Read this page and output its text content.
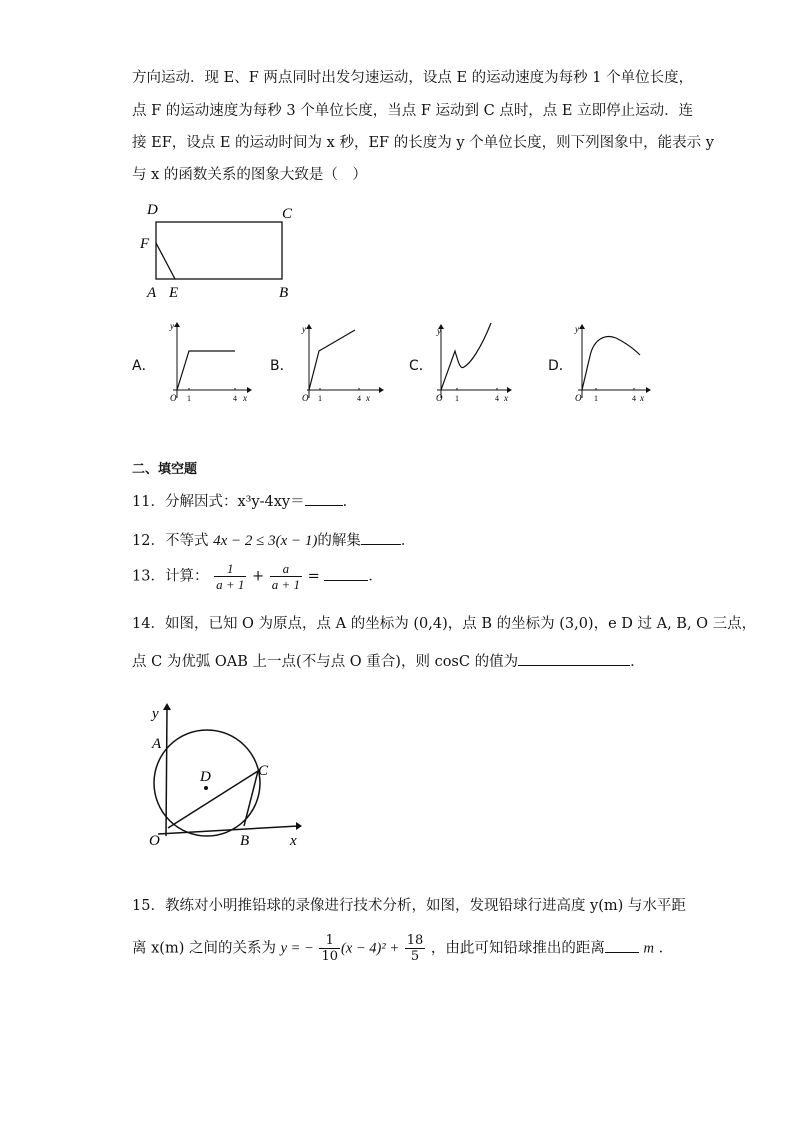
方向运动．现 E、F 两点同时出发匀速运动，设点 E 的运动速度为每秒 1 个单位长度，
点 F 的运动速度为每秒 3 个单位长度，当点 F 运动到 C 点时，点 E 立即停止运动．连
接 EF，设点 E 的运动时间为 x 秒，EF 的长度为 y 个单位长度，则下列图象中，能表示 y
与 x 的函数关系的图象大致是（　）
D	C
F
A E	B
A．	B．	C．	D．
y
O 1	4 x
y
O 1	4 x
y
O 1	4 x
y
O 1	4 x
二、填空题
11．分解因式：x³y-4xy＝	．
12．不等式 4x − 2 ≤ 3(x − 1)的解集	．
13．计算： $\frac{1}{a + 1} + \frac{a}{a + 1}$ =	．
14．如图，已知 O 为原点，点 A 的坐标为 (0,4)，点 B 的坐标为 (3,0)，e D 过 A, B, O 三点，
点 C 为优弧 OAB 上一点(不与点 O 重合)，则 cosC 的值为	．
y
A
D	C
O	B	x
15．教练对小明推铅球的录像进行技术分析，如图，发现铅球行进高度 y(m) 与水平距
离 x(m) 之间的关系为 y = − $\frac{1}{10} (x - 4)^2 + \frac{18}{5}$ ，由此可知铅球推出的距离	m ．
